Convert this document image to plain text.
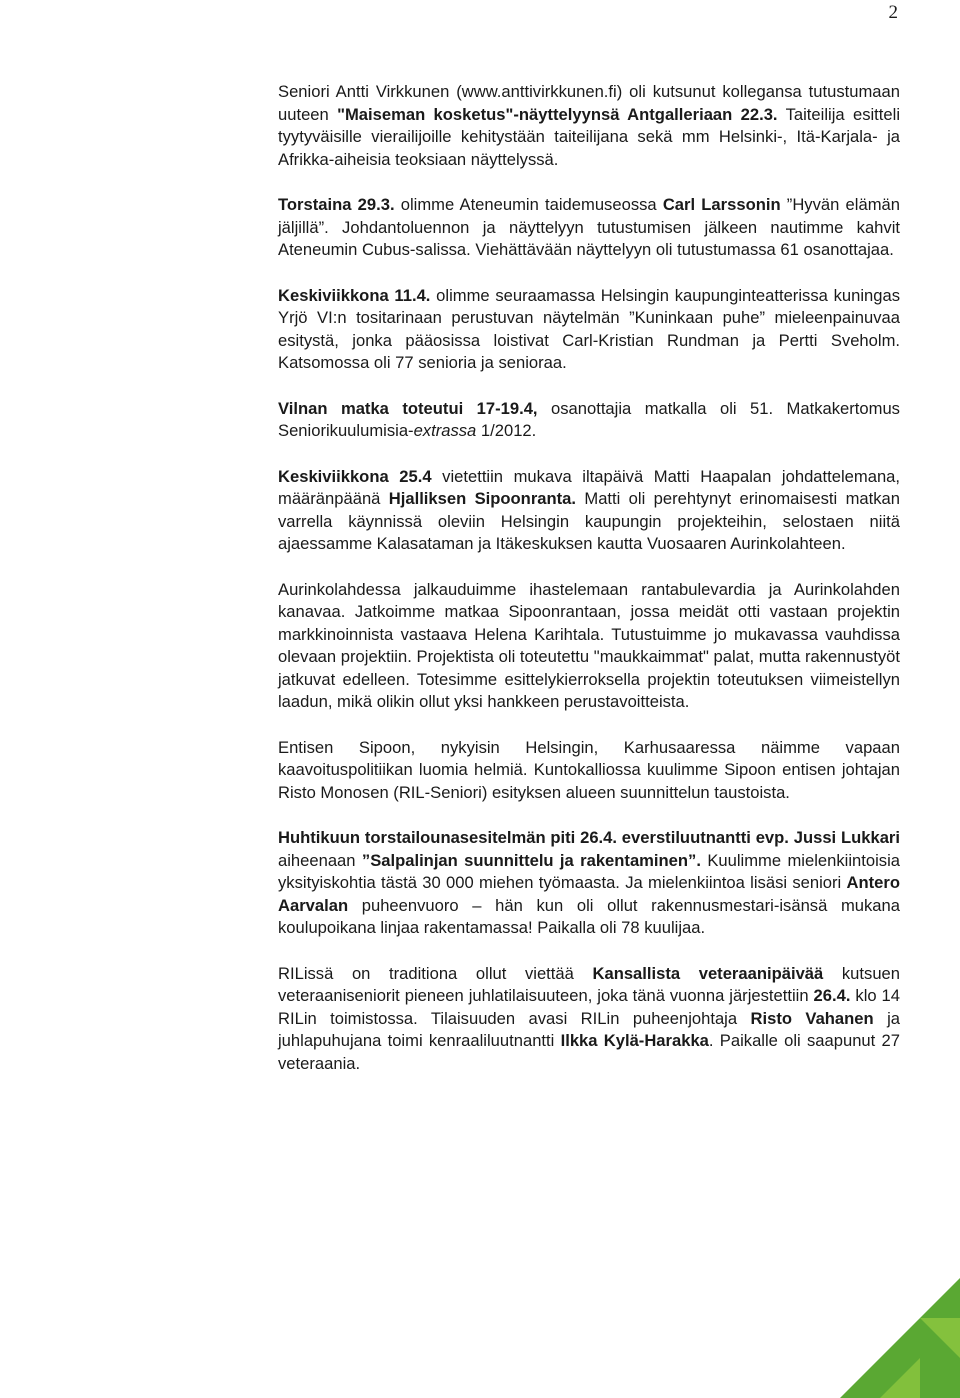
2

Seniori Antti Virkkunen (www.anttivirkkunen.fi) oli kutsunut kollegansa tutustumaan uuteen "Maiseman kosketus"-näyttelyynsä Antgalleriaan 22.3. Taiteilija esitteli tyytyväisille vierailijoille kehitystään taiteilijana sekä mm Helsinki-, Itä-Karjala- ja Afrikka-aiheisia teoksiaan näyttelyssä.

Torstaina 29.3. olimme Ateneumin taidemuseossa Carl Larssonin ”Hyvän elämän jäljillä”. Johdantoluennon ja näyttelyyn tutustumisen jälkeen nautimme kahvit Ateneumin Cubus-salissa. Viehättävään näyttelyyn oli tutustumassa 61 osanottajaa.

Keskiviikkona 11.4. olimme seuraamassa Helsingin kaupunginteatterissa kuningas Yrjö VI:n tositarinaan perustuvan näytelmän ”Kuninkaan puhe” mieleenpainuvaa esitystä, jonka pääosissa loistivat Carl-Kristian Rundman ja Pertti Sveholm. Katsomossa oli 77 senioria ja senioraa.

Vilnan matka toteutui 17-19.4, osanottajia matkalla oli 51. Matkakertomus Seniorikuulumisia-extrassa 1/2012.

Keskiviikkona 25.4 vietettiin mukava iltapäivä Matti Haapalan johdattelemana, määränpäänä Hjalliksen Sipoonranta. Matti oli perehtynyt erinomaisesti matkan varrella käynnissä oleviin Helsingin kaupungin projekteihin, selostaen niitä ajaessamme Kalasataman ja Itäkeskuksen kautta Vuosaaren Aurinkolahteen.

Aurinkolahdessa jalkauduimme ihastelemaan rantabulevardia ja Aurinkolahden kanavaa. Jatkoimme matkaa Sipoonrantaan, jossa meidät otti vastaan projektin markkinoinnista vastaava Helena Karihtala. Tutustuimme jo mukavassa vauhdissa olevaan projektiin. Projektista oli toteutettu "maukkaimmat" palat, mutta rakennustyöt jatkuvat edelleen. Totesimme esittelykierroksella projektin toteutuksen viimeistellyn laadun, mikä olikin ollut yksi hankkeen perustavoitteista.

Entisen Sipoon, nykyisin Helsingin, Karhusaaressa näimme vapaan kaavoituspolitiikan luomia helmiä. Kuntokalliossa kuulimme Sipoon entisen johtajan Risto Monosen (RIL-Seniori) esityksen alueen suunnittelun taustoista.

Huhtikuun torstailounasesitelmän piti 26.4. everstiluutnantti evp. Jussi Lukkari aiheenaan ”Salpalinjan suunnittelu ja rakentaminen”. Kuulimme mielenkiintoisia yksityiskohtia tästä 30 000 miehen työmaasta. Ja mielenkiintoa lisäsi seniori Antero Aarvalan puheenvuoro – hän kun oli ollut rakennusmestari-isänsä mukana koulupoikana linjaa rakentamassa! Paikalla oli 78 kuulijaa.

RILissä on traditiona ollut viettää Kansallista veteraanipäivää kutsuen veteraaniseniorit pieneen juhlatilaisuuteen, joka tänä vuonna järjestettiin 26.4. klo 14 RILin toimistossa. Tilaisuuden avasi RILin puheenjohtaja Risto Vahanen ja juhlapuhujana toimi kenraaliluutnantti Ilkka Kylä-Harakka. Paikalle oli saapunut 27 veteraania.
